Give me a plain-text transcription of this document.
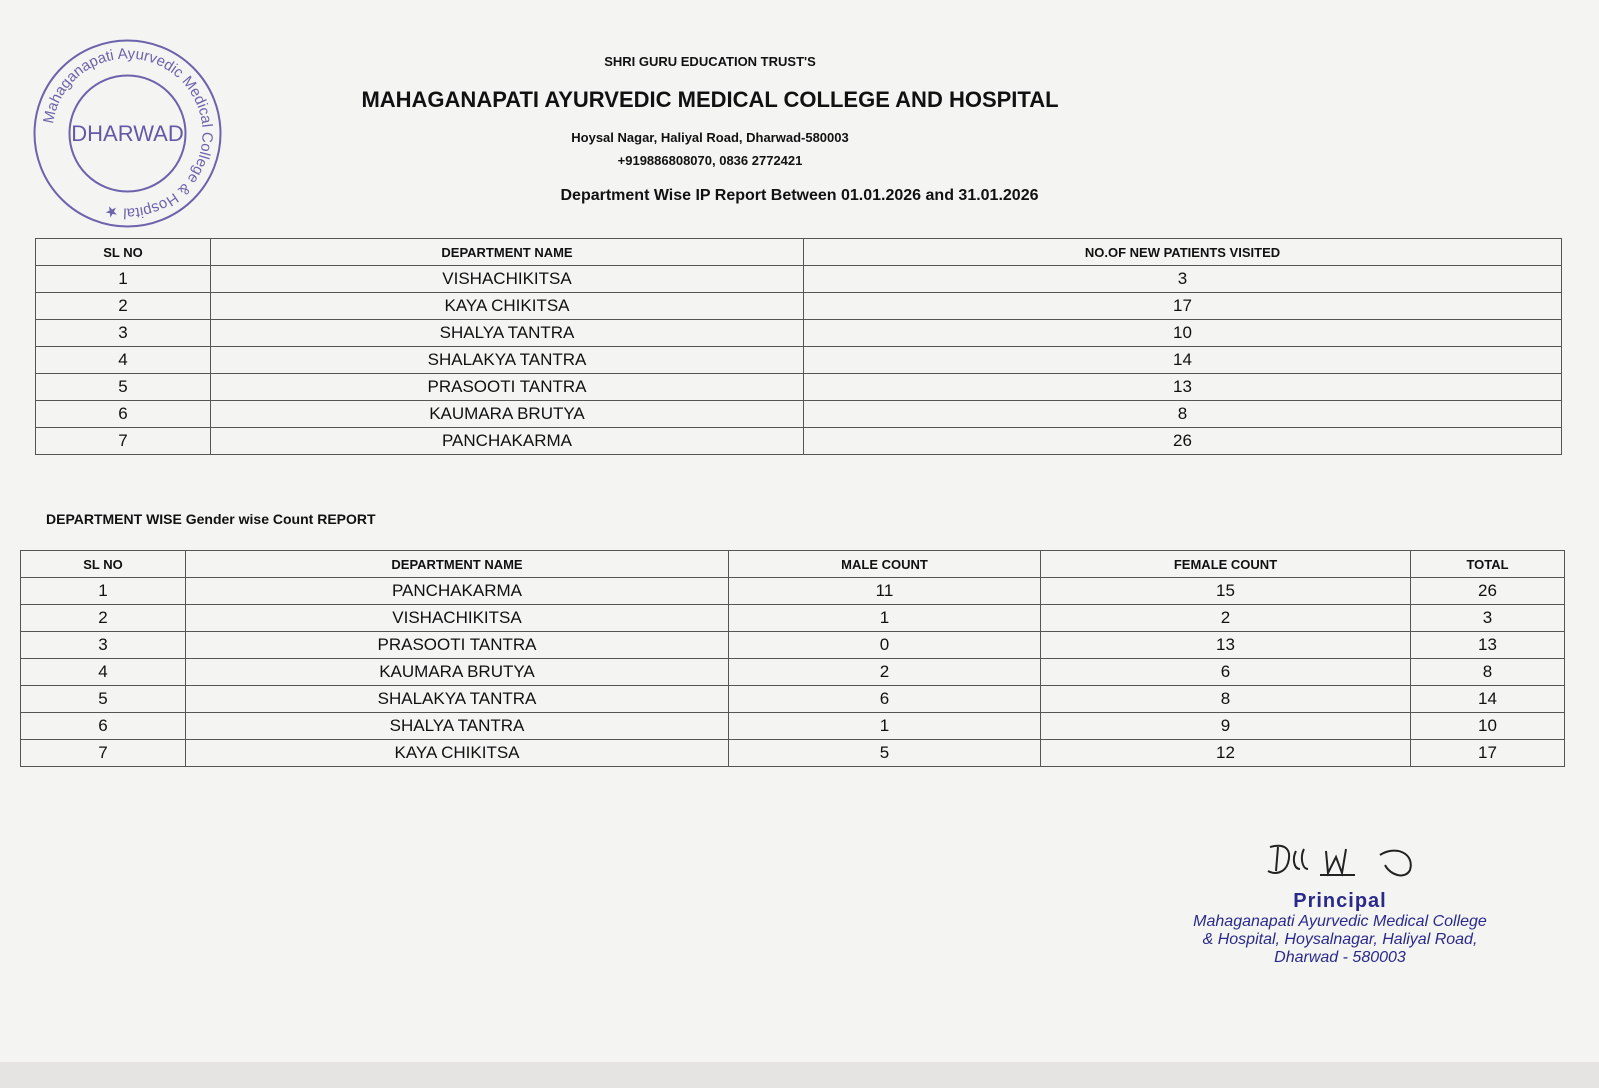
SHRI GURU EDUCATION TRUST'S
MAHAGANAPATI AYURVEDIC MEDICAL COLLEGE AND HOSPITAL
Hoysal Nagar, Haliyal Road, Dharwad-580003
+919886808070, 0836 2772421
Department Wise IP Report Between 01.01.2026 and 31.01.2026
SL NO	DEPARTMENT NAME	NO.OF NEW PATIENTS VISITED
1	VISHACHIKITSA	3
2	KAYA CHIKITSA	17
3	SHALYA TANTRA	10
4	SHALAKYA TANTRA	14
5	PRASOOTI TANTRA	13
6	KAUMARA BRUTYA	8
7	PANCHAKARMA	26
DEPARTMENT WISE Gender wise Count REPORT
SL NO	DEPARTMENT NAME	MALE COUNT	FEMALE COUNT	TOTAL
1	PANCHAKARMA	11	15	26
2	VISHACHIKITSA	1	2	3
3	PRASOOTI TANTRA	0	13	13
4	KAUMARA BRUTYA	2	6	8
5	SHALAKYA TANTRA	6	8	14
6	SHALYA TANTRA	1	9	10
7	KAYA CHIKITSA	5	12	17
Mahaganapati Ayurvedic Medical College & Hospital ★
DHARWAD
Principal
Mahaganapati Ayurvedic Medical College
& Hospital, Hoysalnagar, Haliyal Road,
Dharwad - 580003
